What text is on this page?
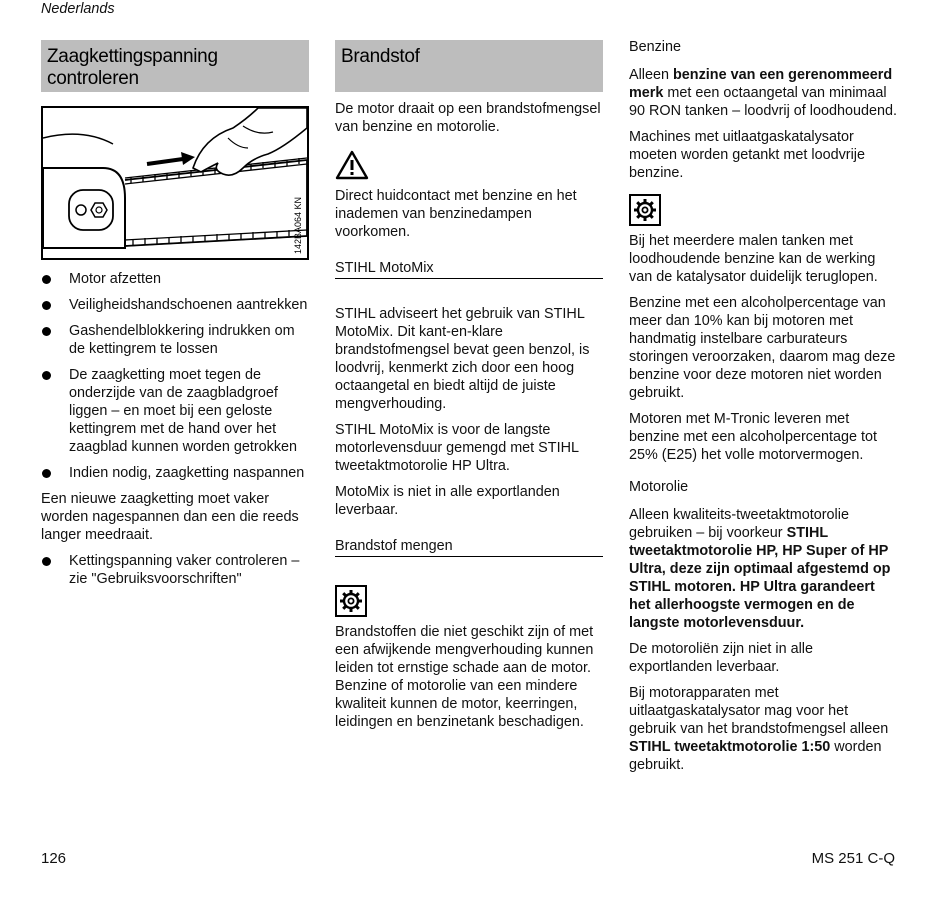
Nederlands
Zaagkettingspanning controleren
142BA064 KN
Motor afzetten
Veiligheidshandschoenen aantrekken
Gashendelblokkering indrukken om de kettingrem te lossen
De zaagketting moet tegen de onderzijde van de zaagbladgroef liggen – en moet bij een geloste kettingrem met de hand over het zaagblad kunnen worden getrokken
Indien nodig, zaagketting naspannen

Een nieuwe zaagketting moet vaker worden nagespannen dan een die reeds langer meedraait.

Kettingspanning vaker controleren – zie "Gebruiksvoorschriften"
Brandstof

De motor draait op een brandstofmengsel van benzine en motorolie.

Direct huidcontact met benzine en het inademen van benzinedampen voorkomen.

STIHL MotoMix

STIHL adviseert het gebruik van STIHL MotoMix. Dit kant-en-klare brandstofmengsel bevat geen benzol, is loodvrij, kenmerkt zich door een hoog octaangetal en biedt altijd de juiste mengverhouding.

STIHL MotoMix is voor de langste motorlevensduur gemengd met STIHL tweetaktmotorolie HP Ultra.

MotoMix is niet in alle exportlanden leverbaar.

Brandstof mengen

Brandstoffen die niet geschikt zijn of met een afwijkende mengverhouding kunnen leiden tot ernstige schade aan de motor. Benzine of motorolie van een mindere kwaliteit kunnen de motor, keerringen, leidingen en benzinetank beschadigen.

Benzine

Alleen benzine van een gerenommeerd merk met een octaangetal van minimaal 90 RON tanken – loodvrij of loodhoudend.

Machines met uitlaatgaskatalysator moeten worden getankt met loodvrije benzine.

Bij het meerdere malen tanken met loodhoudende benzine kan de werking van de katalysator duidelijk teruglopen.

Benzine met een alcoholpercentage van meer dan 10% kan bij motoren met handmatig instelbare carburateurs storingen veroorzaken, daarom mag deze benzine voor deze motoren niet worden gebruikt.

Motoren met M-Tronic leveren met benzine met een alcoholpercentage tot 25% (E25) het volle motorvermogen.

Motorolie

Alleen kwaliteits-tweetaktmotorolie gebruiken – bij voorkeur STIHL tweetaktmotorolie HP, HP Super of HP Ultra, deze zijn optimaal afgestemd op STIHL motoren. HP Ultra garandeert het allerhoogste vermogen en de langste motorlevensduur.

De motoroliën zijn niet in alle exportlanden leverbaar.

Bij motorapparaten met uitlaatgaskatalysator mag voor het gebruik van het brandstofmengsel alleen STIHL tweetaktmotorolie 1:50 worden gebruikt.

126	MS 251 C-Q
